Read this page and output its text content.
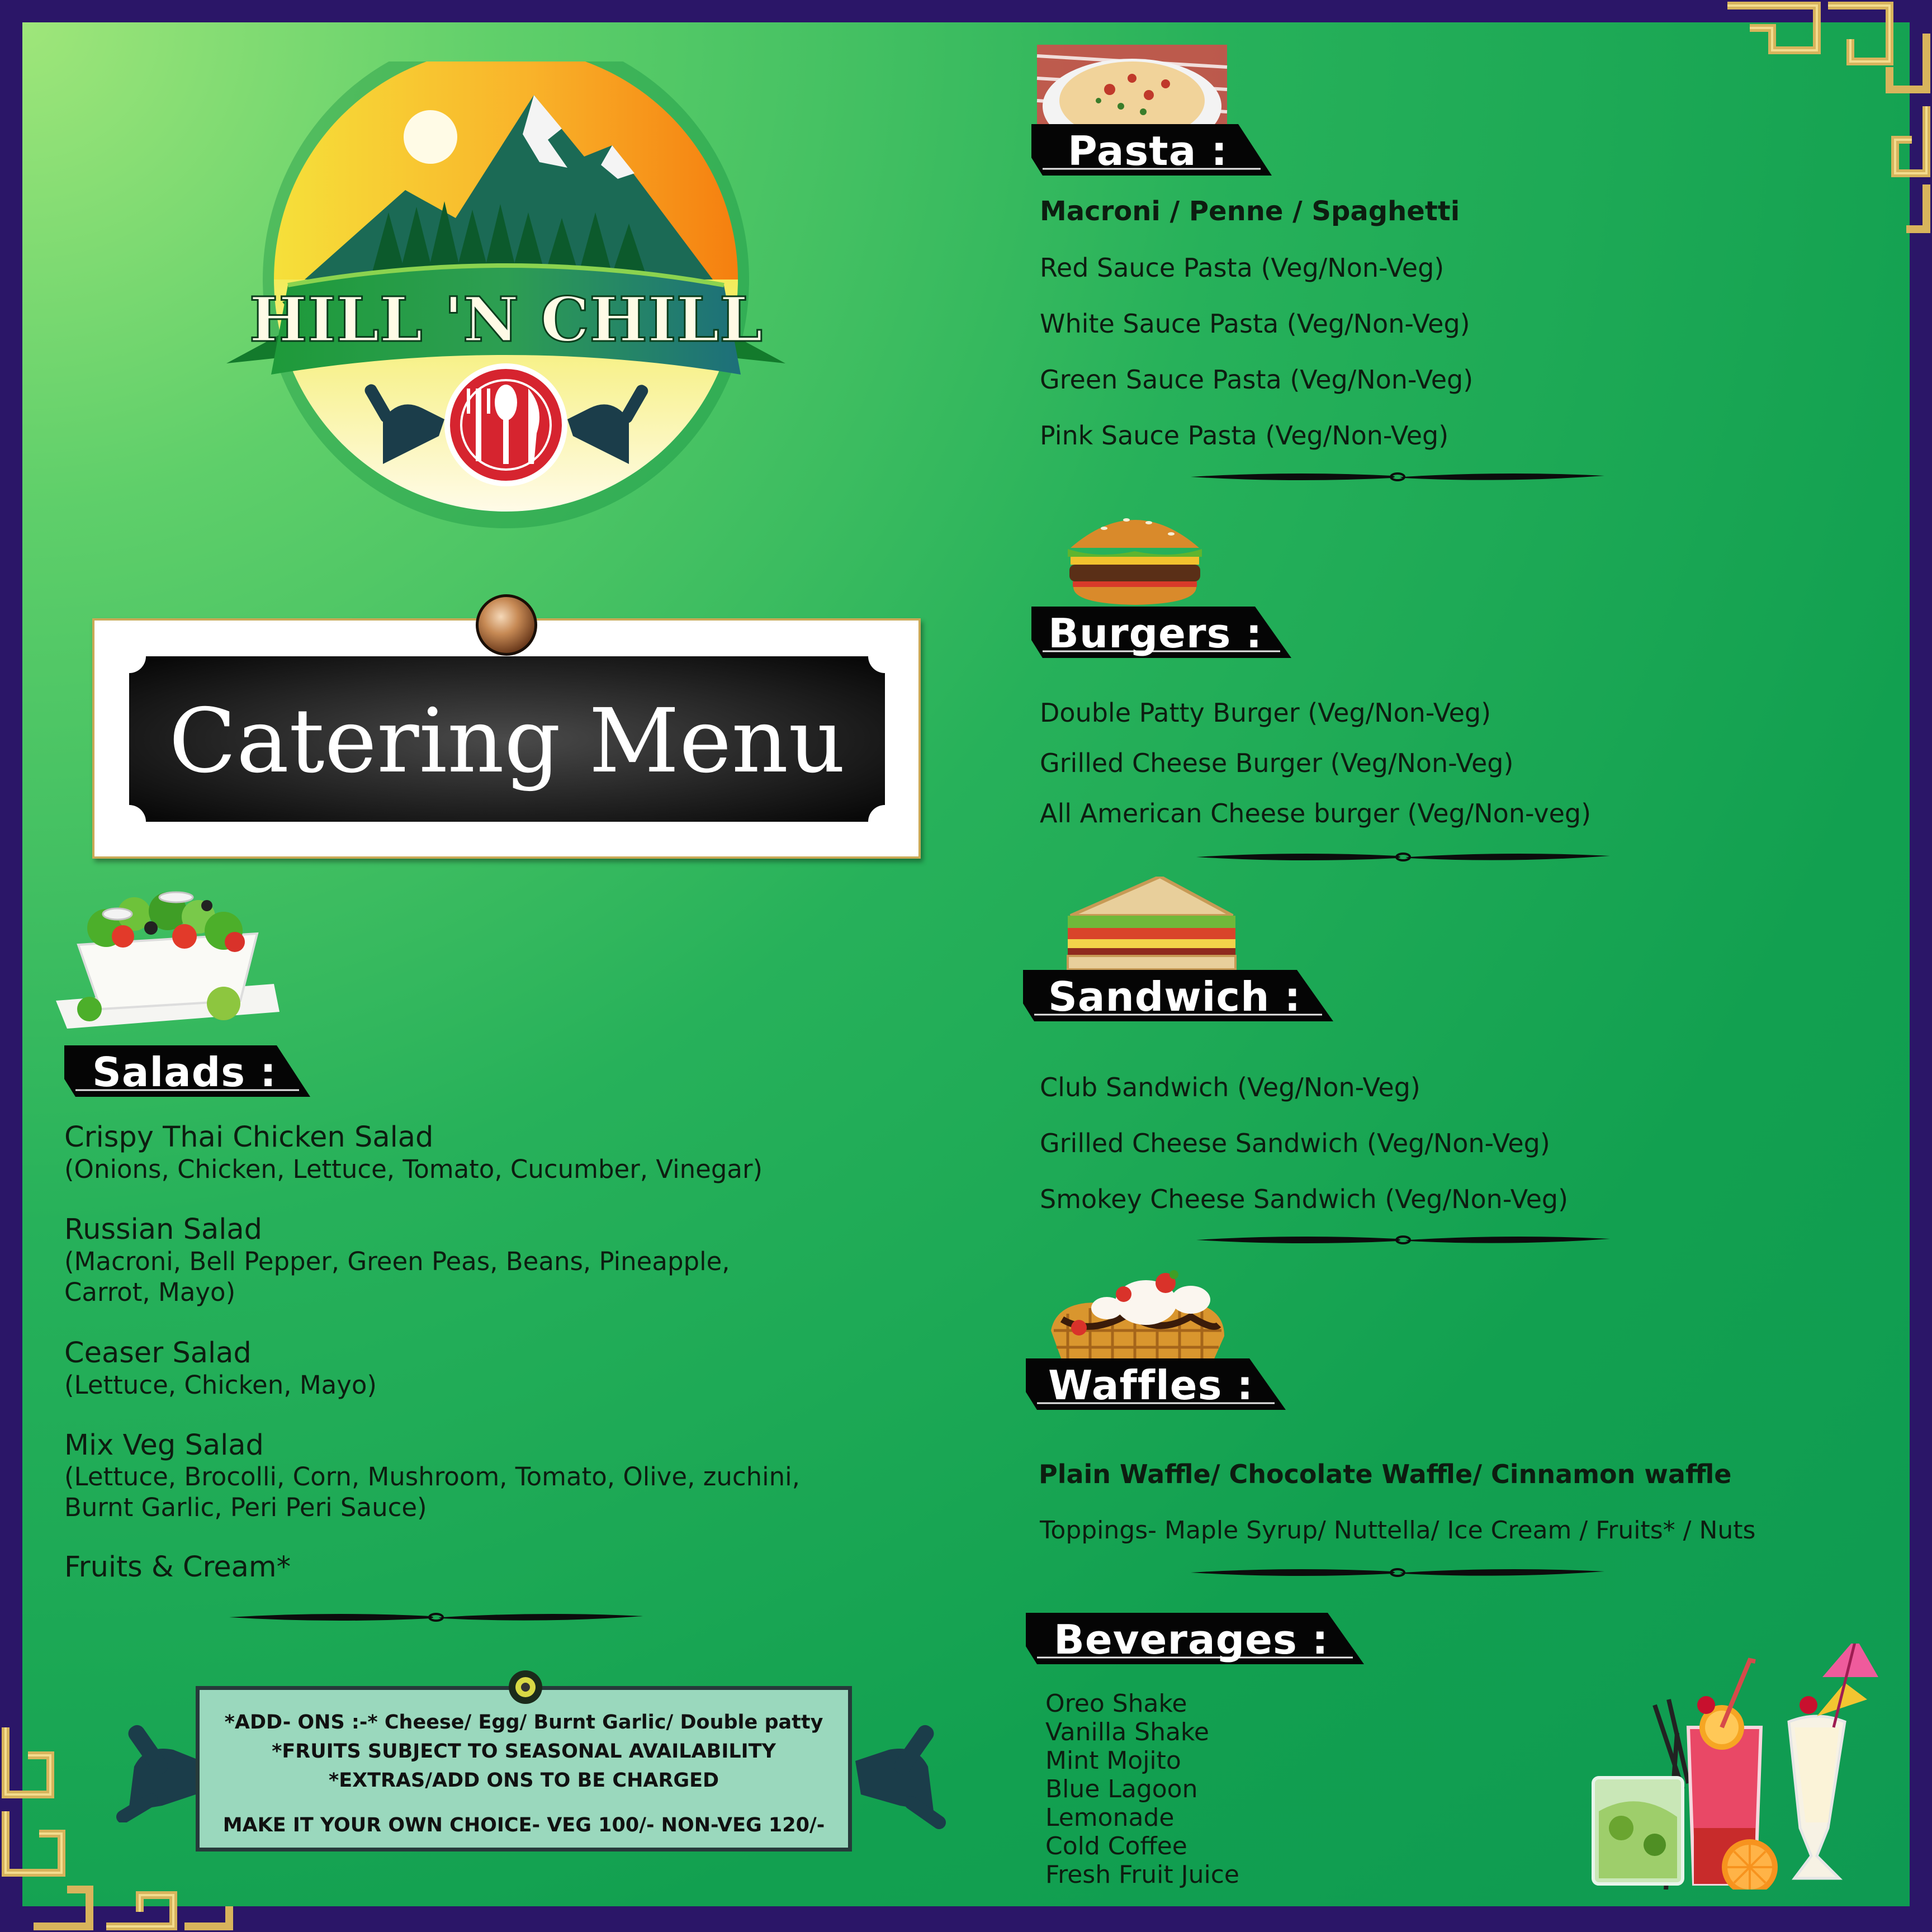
HILL 'N CHILL
Catering Menu
Salads :
Crispy Thai Chicken Salad
(Onions, Chicken, Lettuce, Tomato, Cucumber, Vinegar)
Russian Salad
(Macroni, Bell Pepper, Green Peas, Beans, Pineapple,
Carrot, Mayo)
Ceaser Salad
(Lettuce, Chicken, Mayo)
Mix Veg Salad
(Lettuce, Brocolli, Corn, Mushroom, Tomato, Olive, zuchini,
Burnt Garlic, Peri Peri Sauce)
Fruits & Cream*
*ADD- ONS :-* Cheese/ Egg/ Burnt Garlic/ Double patty
*FRUITS SUBJECT TO SEASONAL AVAILABILITY
*EXTRAS/ADD ONS TO BE CHARGED
MAKE IT YOUR OWN CHOICE- VEG 100/- NON-VEG 120/-
Pasta :
Macroni / Penne / Spaghetti
Red Sauce Pasta (Veg/Non-Veg)
White Sauce Pasta (Veg/Non-Veg)
Green Sauce Pasta (Veg/Non-Veg)
Pink Sauce Pasta (Veg/Non-Veg)
Burgers :
Double Patty Burger (Veg/Non-Veg)
Grilled Cheese Burger (Veg/Non-Veg)
All American Cheese burger (Veg/Non-veg)
Sandwich :
Club Sandwich (Veg/Non-Veg)
Grilled Cheese Sandwich (Veg/Non-Veg)
Smokey Cheese Sandwich (Veg/Non-Veg)
Waffles :
Plain Waffle/ Chocolate Waffle/ Cinnamon waffle
Toppings- Maple Syrup/ Nuttella/ Ice Cream / Fruits* / Nuts
Beverages :
Oreo Shake
Vanilla Shake
Mint Mojito
Blue Lagoon
Lemonade
Cold Coffee
Fresh Fruit Juice
